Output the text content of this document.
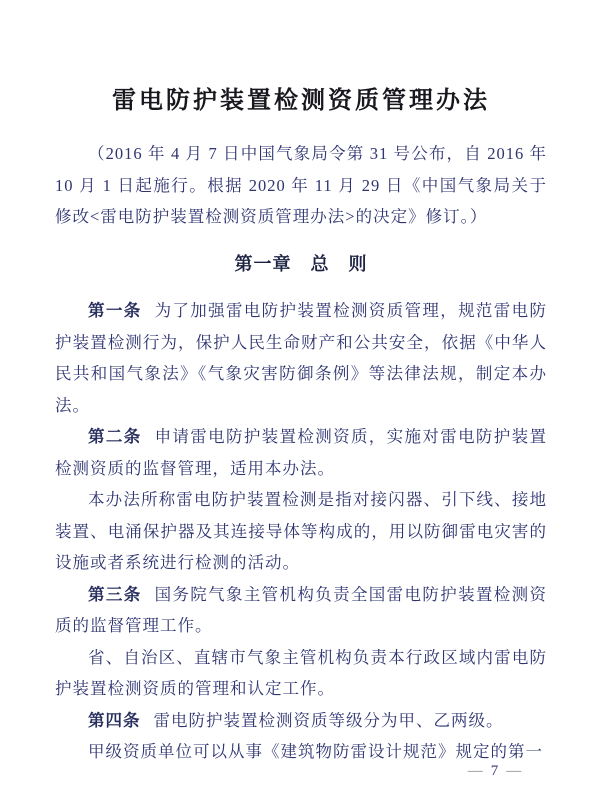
雷电防护装置检测资质管理办法

（2016 年 4 月 7 日中国气象局令第 31 号公布，自 2016 年 10 月 1 日起施行。根据 2020 年 11 月 29 日《中国气象局关于修改<雷电防护装置检测资质管理办法>的决定》修订。）

第一章　总　则

第一条 为了加强雷电防护装置检测资质管理，规范雷电防护装置检测行为，保护人民生命财产和公共安全，依据《中华人民共和国气象法》《气象灾害防御条例》等法律法规，制定本办法。

第二条 申请雷电防护装置检测资质，实施对雷电防护装置检测资质的监督管理，适用本办法。

本办法所称雷电防护装置检测是指对接闪器、引下线、接地装置、电涌保护器及其连接导体等构成的，用以防御雷电灾害的设施或者系统进行检测的活动。

第三条 国务院气象主管机构负责全国雷电防护装置检测资质的监督管理工作。

省、自治区、直辖市气象主管机构负责本行政区域内雷电防护装置检测资质的管理和认定工作。

第四条 雷电防护装置检测资质等级分为甲、乙两级。

甲级资质单位可以从事《建筑物防雷设计规范》规定的第一

— 7 —
